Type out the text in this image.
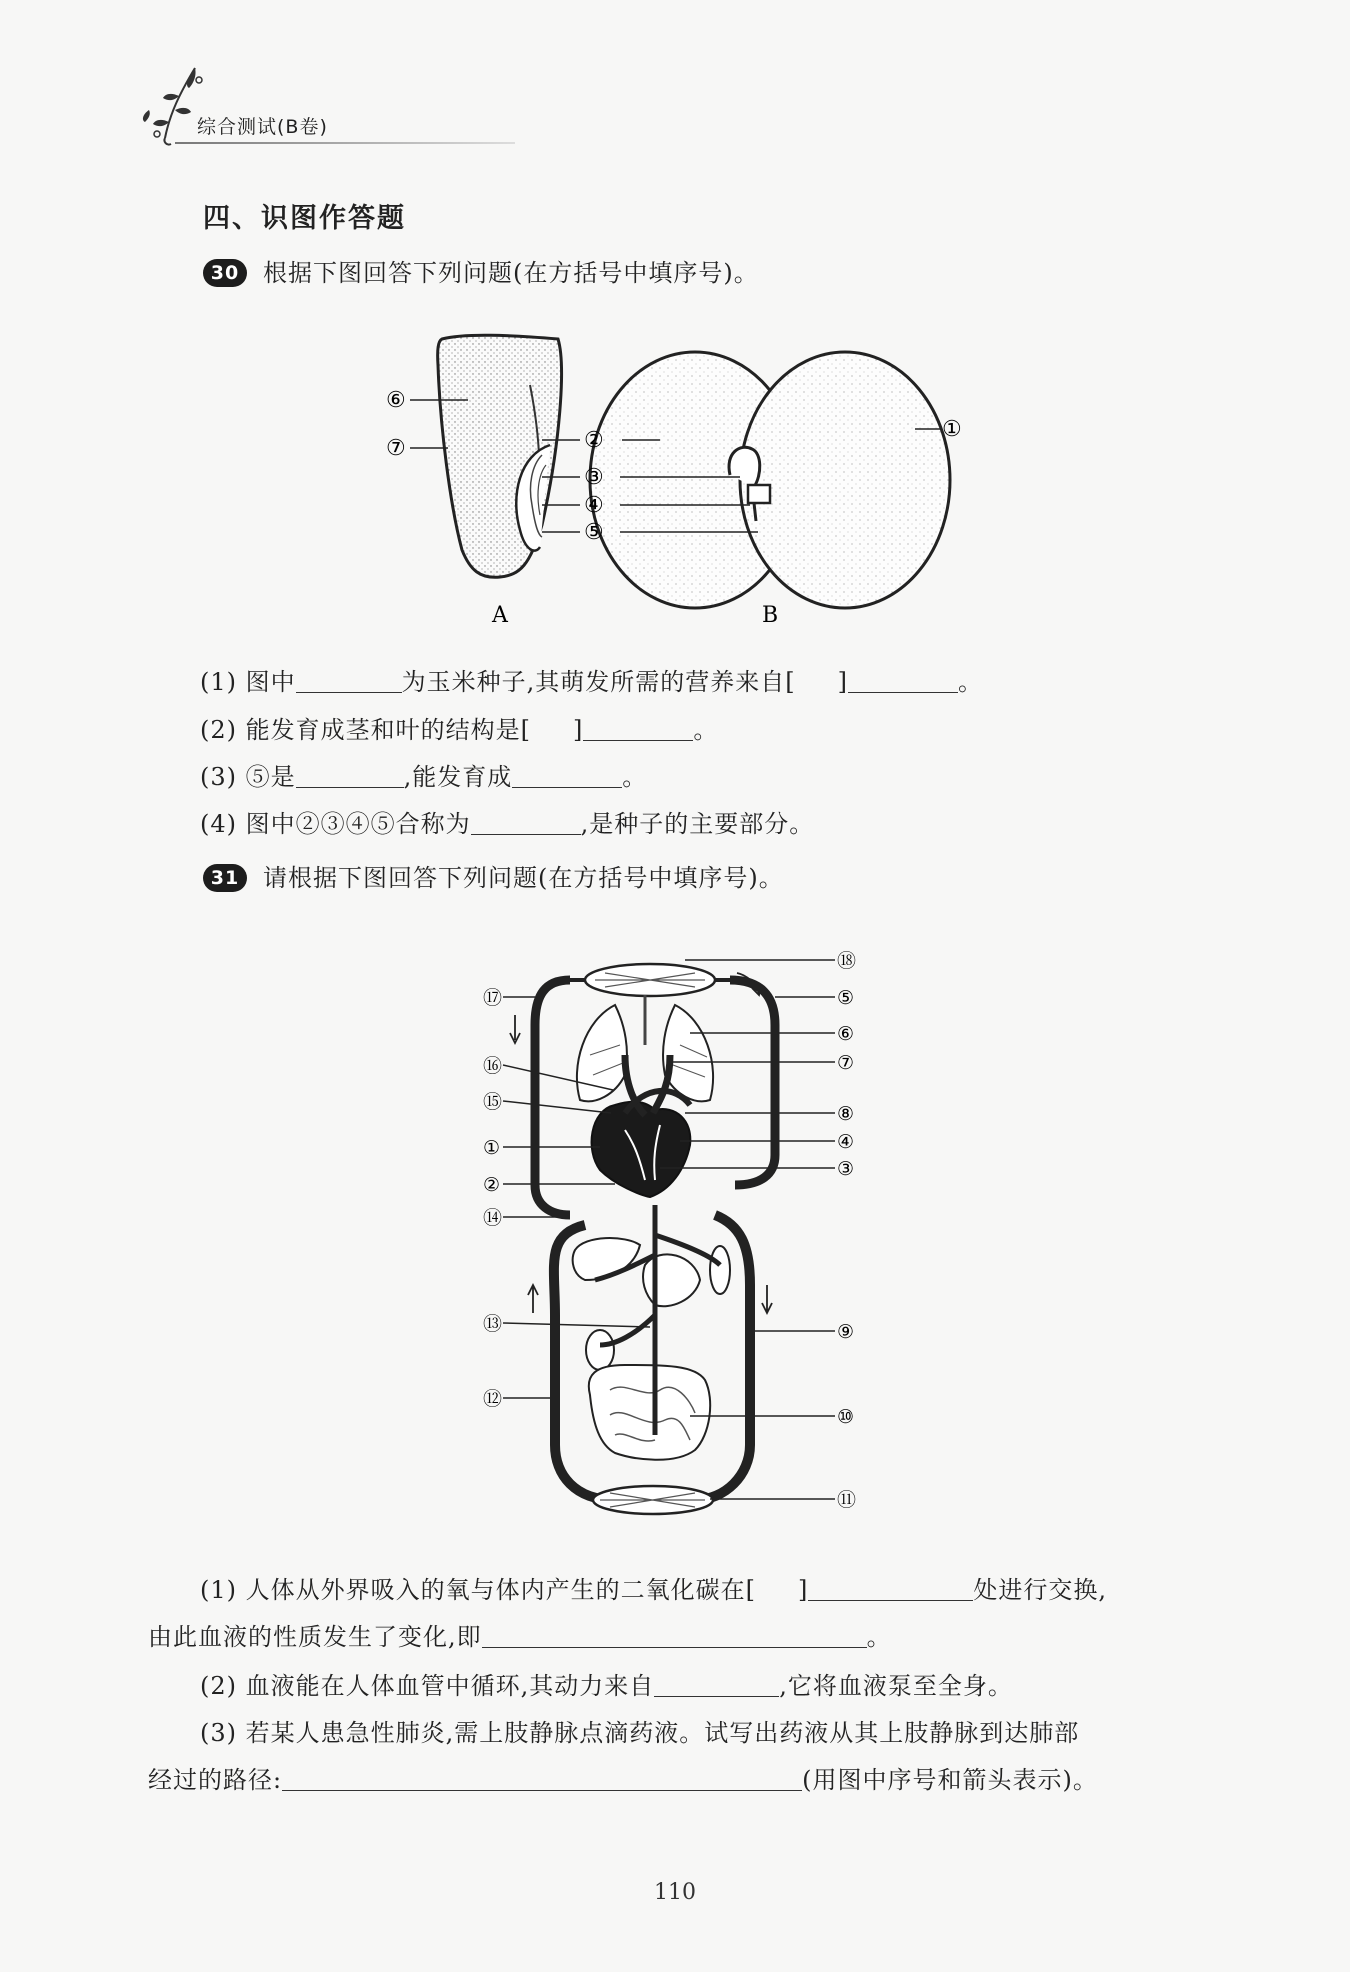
综合测试(B卷)
四、识图作答题
30 根据下图回答下列问题(在方括号中填序号)。
⑥
⑦	②
③
④
⑤
①
A	B
(1) 图中	为玉米种子,其萌发所需的营养来自[ ]	。
(2) 能发育成茎和叶的结构是[ ]	。
(3) ⑤是	,能发育成	。
(4) 图中②③④⑤合称为	,是种子的主要部分。
31 请根据下图回答下列问题(在方括号中填序号)。
⑰
⑯
⑮
①
②
⑭
⑬
⑫
⑱
⑤
⑥
⑦
⑧
④
③
⑨
⑩
⑪
(1) 人体从外界吸入的氧与体内产生的二氧化碳在[ ]	处进行交换,
由此血液的性质发生了变化,即	。
(2) 血液能在人体血管中循环,其动力来自	,它将血液泵至全身。
(3) 若某人患急性肺炎,需上肢静脉点滴药液。试写出药液从其上肢静脉到达肺部
经过的路径:	(用图中序号和箭头表示)。
110
